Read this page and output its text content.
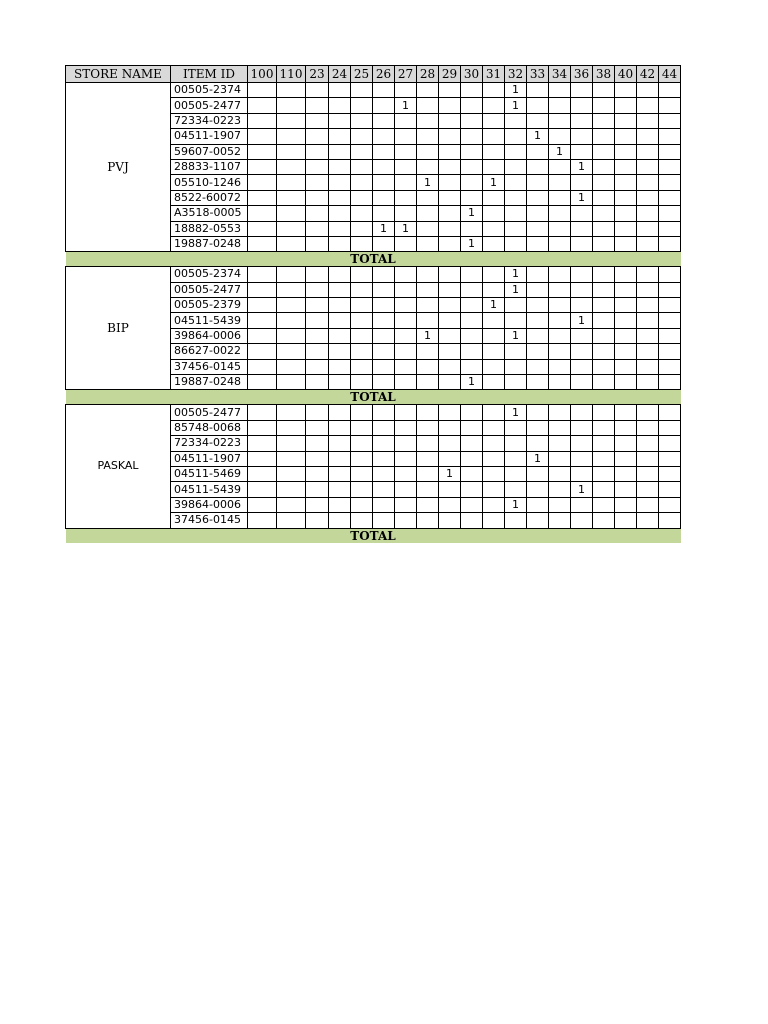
STORE NAME	ITEM ID	100	110	23	24	25	26	27	28	29	30	31	32	33	34	36	38	40	42	44
PVJ	00505-2374												1							
	00505-2477							1					1							
	72334-0223																			
	04511-1907													1						
	59607-0052														1					
	28833-1107															1				
	05510-1246								1			1								
	8522-60072															1				
	A3518-0005										1									
	18882-0553						1	1												
	19887-0248										1									
TOTAL																				
BIP	00505-2374												1							
	00505-2477												1							
	00505-2379											1								
	04511-5439															1				
	39864-0006								1				1							
	86627-0022																			
	37456-0145																			
	19887-0248										1									
TOTAL																				
PASKAL	00505-2477												1							
	85748-0068																			
	72334-0223																			
	04511-1907													1						
	04511-5469									1										
	04511-5439															1				
	39864-0006												1							
	37456-0145																			
TOTAL																				
